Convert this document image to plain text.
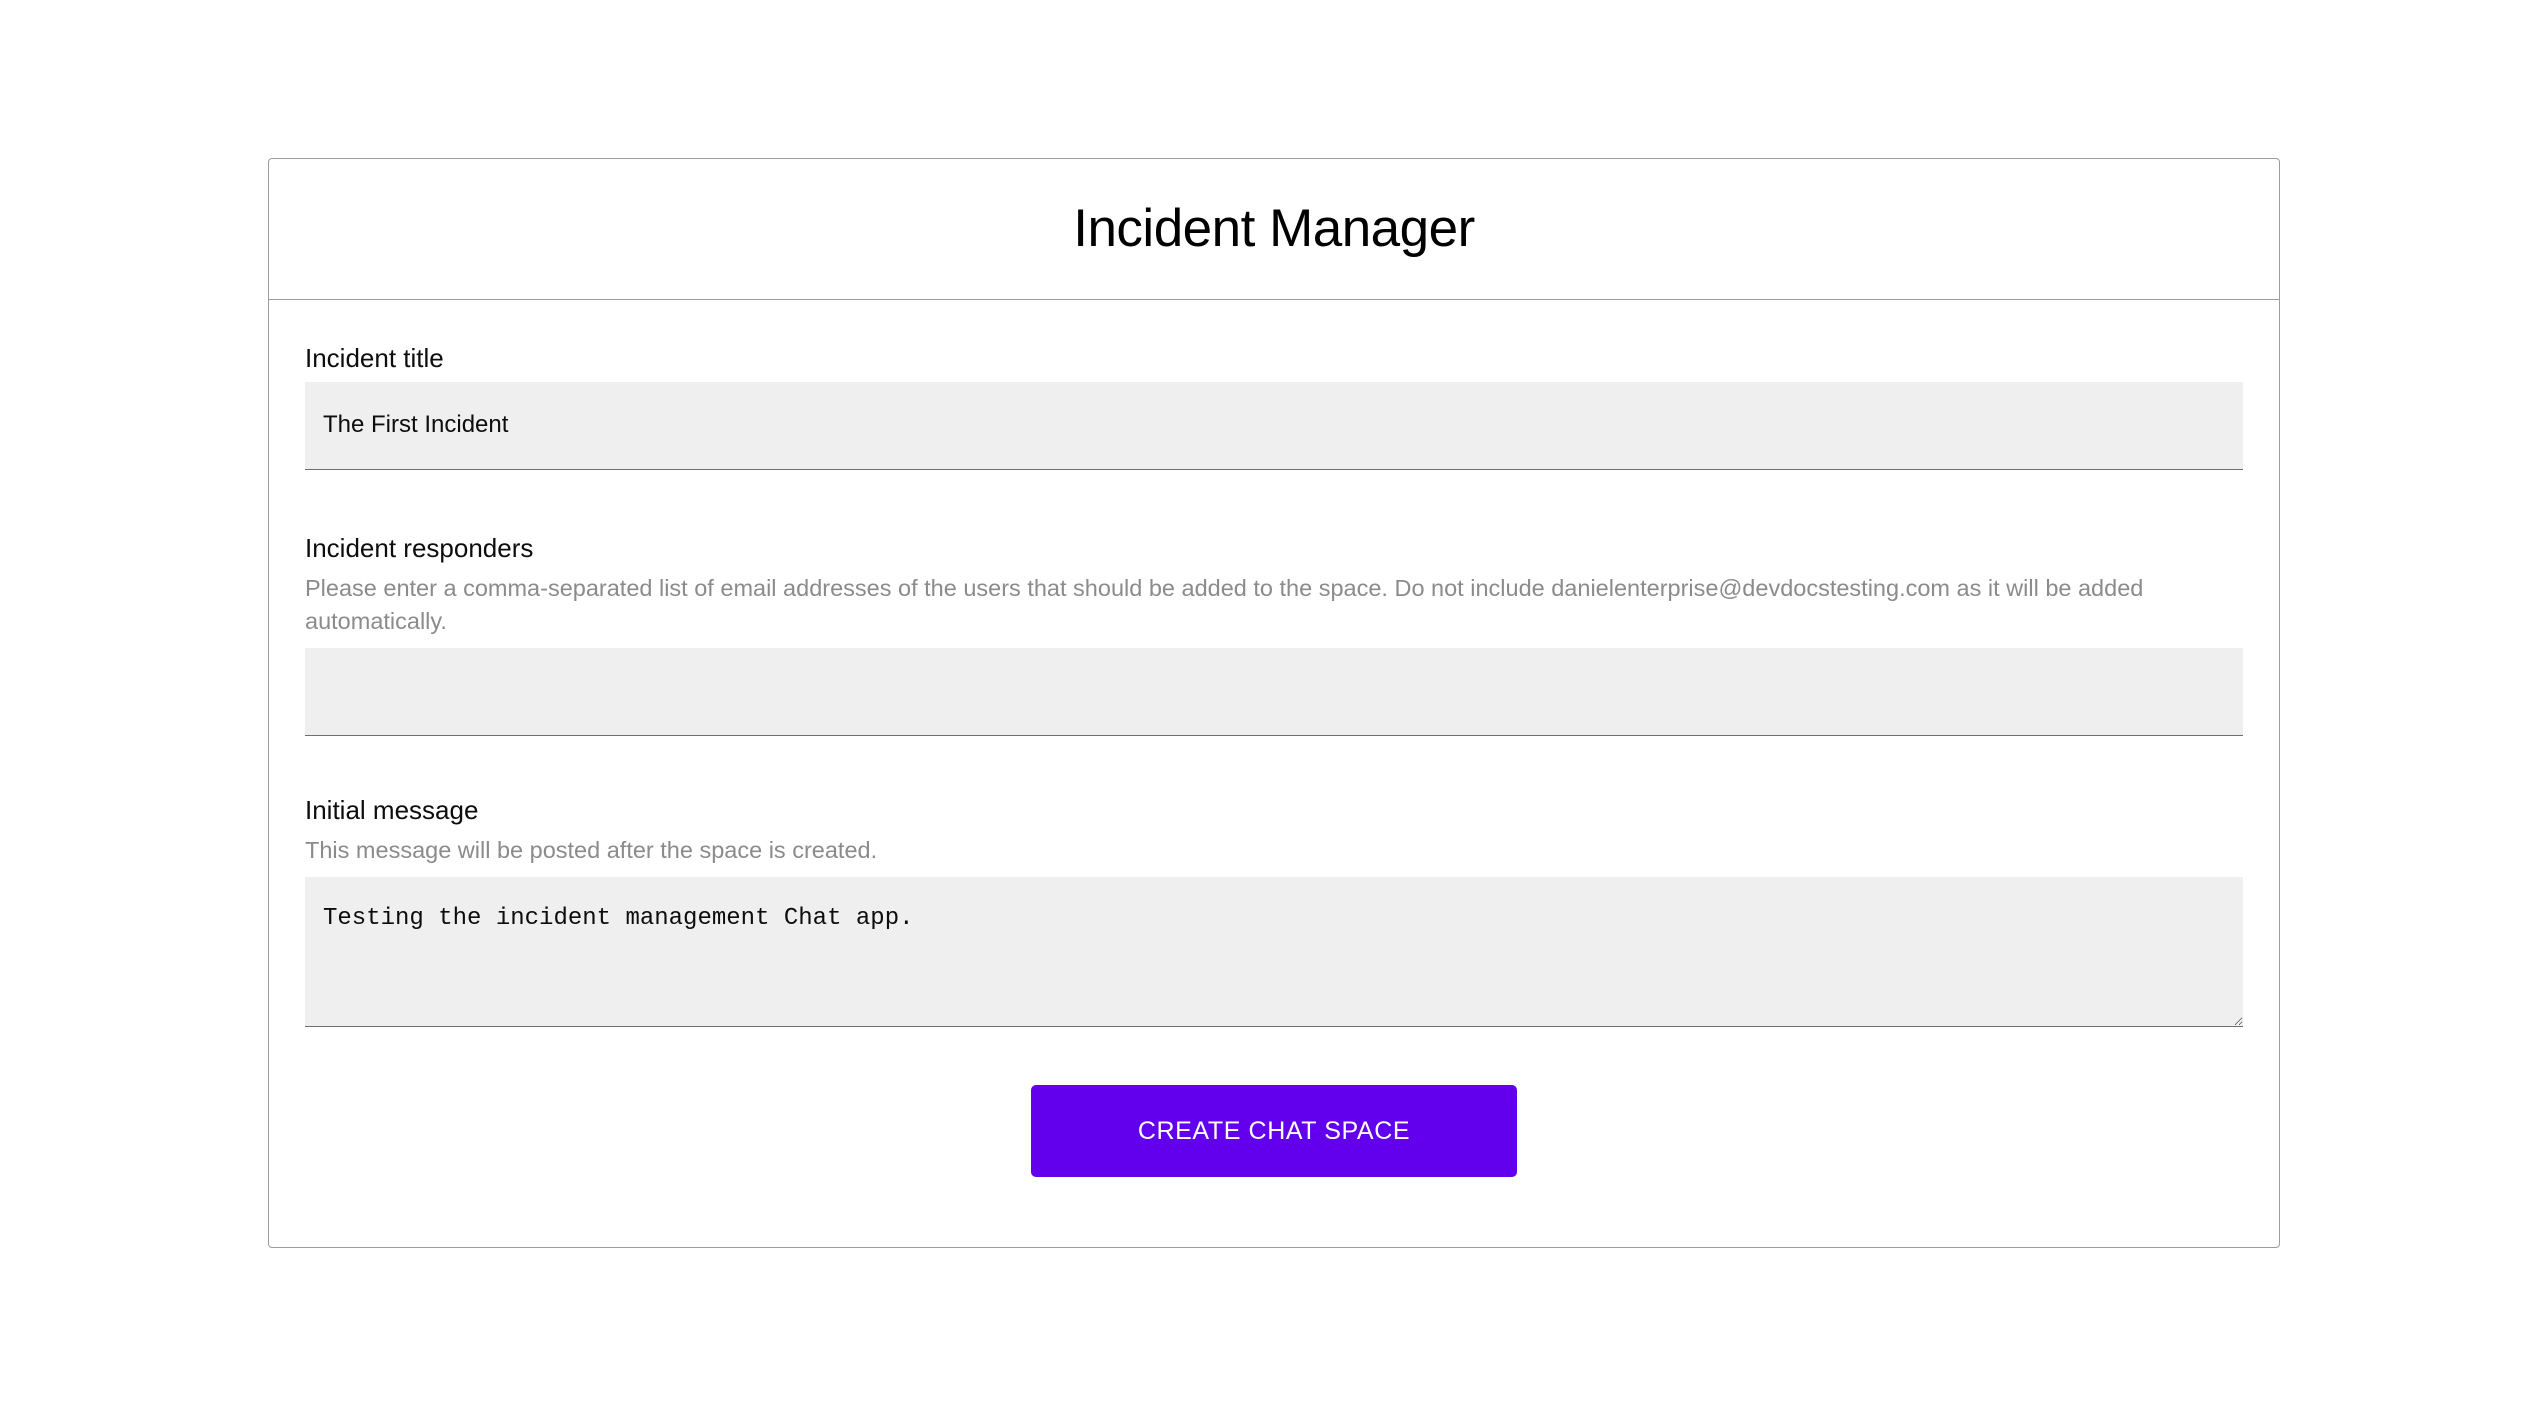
Incident Manager
Incident title
The First Incident
Incident responders
Please enter a comma-separated list of email addresses of the users that should be added to the space. Do not include danielenterprise@devdocstesting.com as it will be added automatically.
Initial message
This message will be posted after the space is created.
Testing the incident management Chat app.
CREATE CHAT SPACE
